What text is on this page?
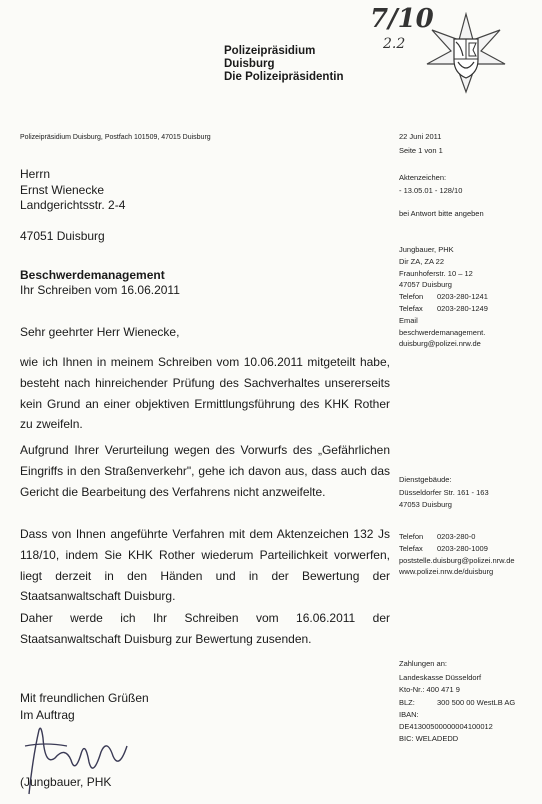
Polizeipräsidium
Duisburg
Die Polizeipräsidentin
7/10
2.2
Polizeipräsidium Duisburg, Postfach 101509, 47015 Duisburg
Herrn
Ernst Wienecke
Landgerichtsstr. 2-4
47051 Duisburg
Beschwerdemanagement
Ihr Schreiben vom 16.06.2011

Sehr geehrter Herr Wienecke,

wie ich Ihnen in meinem Schreiben vom 10.06.2011 mitgeteilt habe, besteht nach hinreichender Prüfung des Sachverhaltes unsererseits kein Grund an einer objektiven Ermittlungsführung des KHK Rother zu zweifeln.

Aufgrund Ihrer Verurteilung wegen des Vorwurfs des „Gefährlichen Eingriffs in den Straßenverkehr", gehe ich davon aus, dass auch das Gericht die Bearbeitung des Verfahrens nicht anzweifelte.

Dass von Ihnen angeführte Verfahren mit dem Aktenzeichen 132 Js 118/10, indem Sie KHK Rother wiederum Parteilichkeit vorwerfen, liegt derzeit in den Händen und in der Bewertung der Staatsanwaltschaft Duisburg.

Daher werde ich Ihr Schreiben vom 16.06.2011 der Staatsanwaltschaft Duisburg zur Bewertung zusenden.

Mit freundlichen Grüßen
Im Auftrag
(Jungbauer, PHK
22 Juni 2011
Seite 1 von 1
Aktenzeichen:
- 13.05.01 - 128/10
bei Antwort bitte angeben
Jungbauer, PHK
Dir ZA, ZA 22
Fraunhoferstr. 10 – 12
47057 Duisburg
Telefon 0203-280-1241
Telefax 0203-280-1249
Email
beschwerdemanagement.
duisburg@polizei.nrw.de
Dienstgebäude:
Düsseldorfer Str. 161 - 163
47053 Duisburg
Telefon 0203-280-0
Telefax 0203-280-1009
poststelle.duisburg@polizei.nrw.de
www.polizei.nrw.de/duisburg
Zahlungen an:
Landeskasse Düsseldorf
Kto-Nr.: 400 471 9
BLZ:	300 500 00 WestLB AG
IBAN:
DE41300500000004100012
BIC: WELADEDD
